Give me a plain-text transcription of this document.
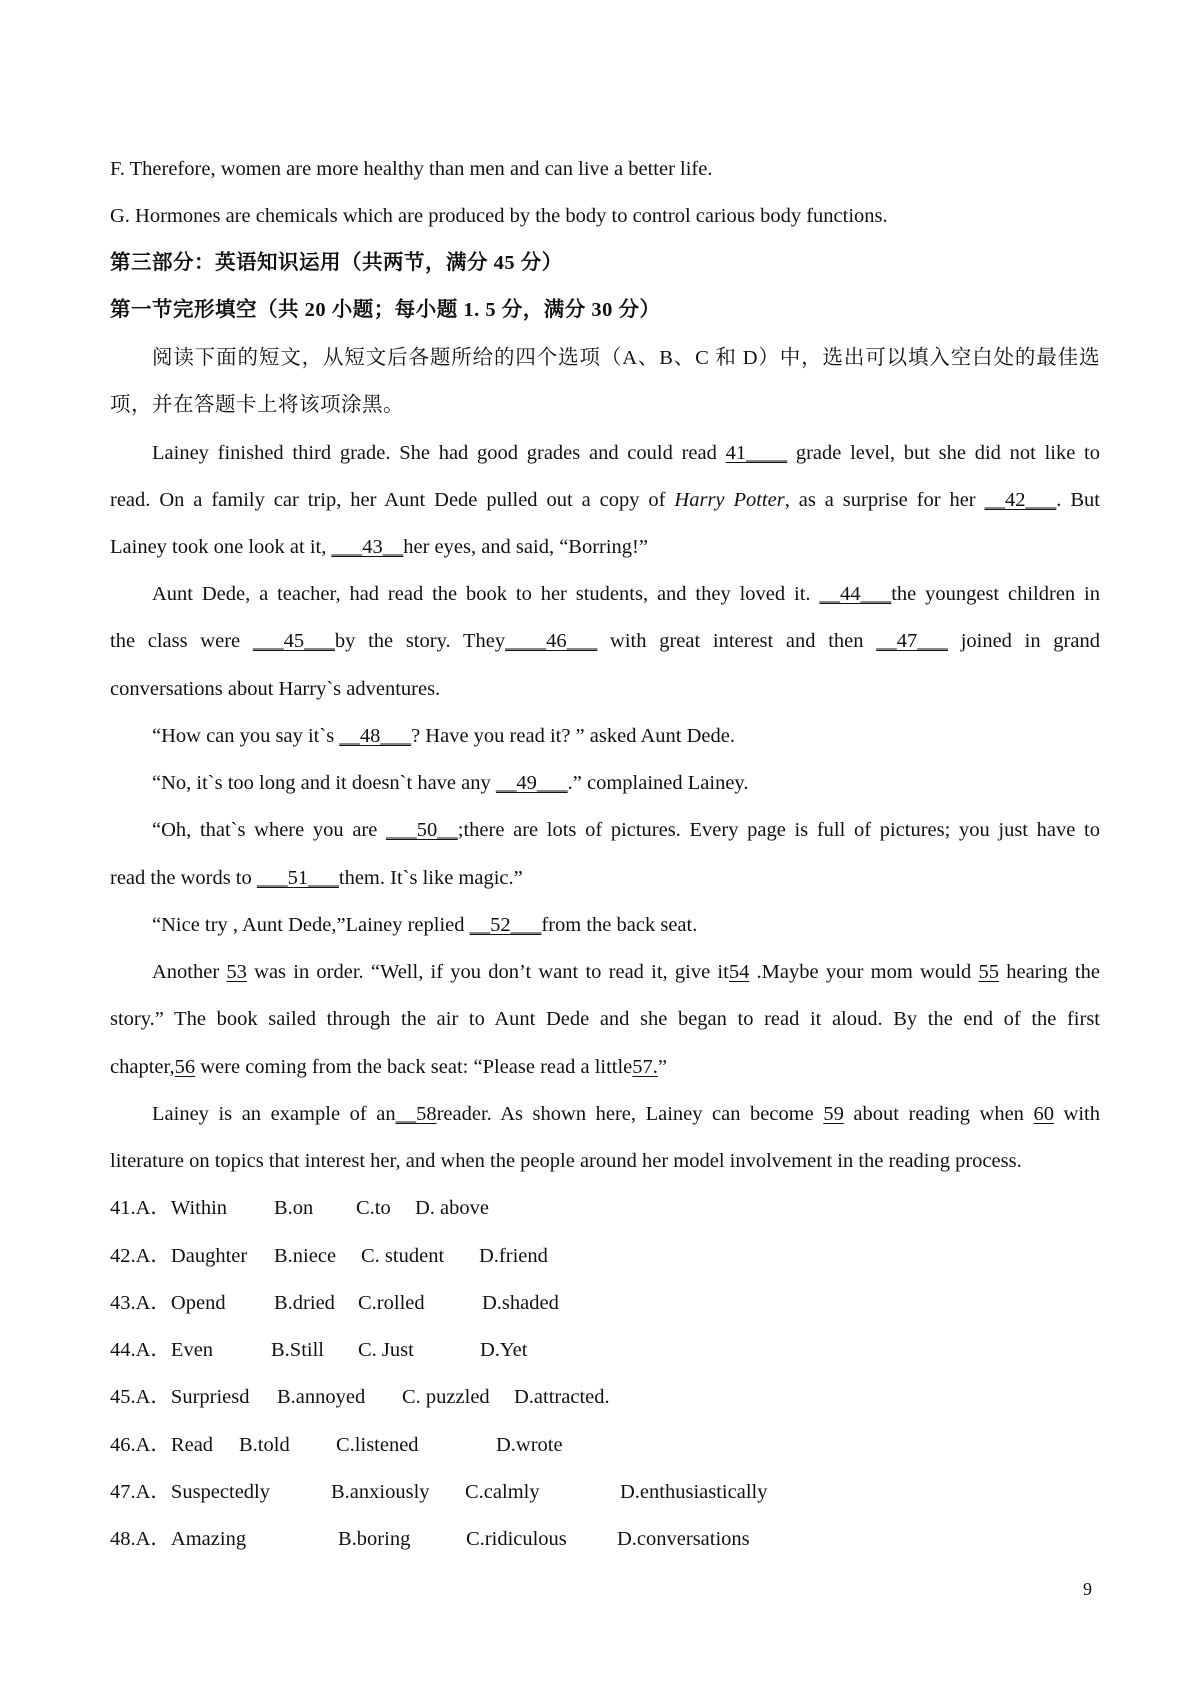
F. Therefore, women are more healthy than men and can live a better life.
G. Hormones are chemicals which are produced by the body to control carious body functions.
第三部分：英语知识运用（共两节，满分 45 分）
第一节完形填空（共 20 小题；每小题 1. 5 分，满分 30 分）
阅读下面的短文，从短文后各题所给的四个选项（A、B、C 和 D）中，选出可以填入空白处的最佳选
项，并在答题卡上将该项涂黑。
Lainey finished third grade. She had good grades and could read 41____ grade level, but she did not like to
read. On a family car trip, her Aunt Dede pulled out a copy of Harry Potter, as a surprise for her __42___. But
Lainey took one look at it, ___43__her eyes, and said, “Borring!”
Aunt Dede, a teacher, had read the book to her students, and they loved it. __44___the youngest children in
the class were ___45___by the story. They____46___ with great interest and then __47___ joined in grand
conversations about Harry`s adventures.
“How can you say it`s __48___? Have you read it? ” asked Aunt Dede.
“No, it`s too long and it doesn`t have any __49___.” complained Lainey.
“Oh, that`s where you are ___50__;there are lots of pictures. Every page is full of pictures; you just have to
read the words to ___51___them. It`s like magic.”
“Nice try , Aunt Dede,”Lainey replied __52___from the back seat.
Another 53 was in order. “Well, if you don’t want to read it, give it54 .Maybe your mom would 55 hearing the
story.” The book sailed through the air to Aunt Dede and she began to read it aloud. By the end of the first
chapter,56 were coming from the back seat: “Please read a little57.”
Lainey is an example of an__58reader. As shown here, Lainey can become 59 about reading when 60 with
literature on topics that interest her, and when the people around her model involvement in the reading process.
41.A．Within B.on C.to D. above
42.A．Daughter B.niece C. student D.friend
43.A．Opend B.dried C.rolled	D.shaded
44.A．Even	B.Still C. Just	D.Yet
45.A．Surpriesd B.annoyed C. puzzled D.attracted.
46.A．Read B.told C.listened	D.wrote
47.A．Suspectedly	B.anxiously C.calmly	D.enthusiastically
48.A．Amazing	B.boring	C.ridiculous D.conversations
9
